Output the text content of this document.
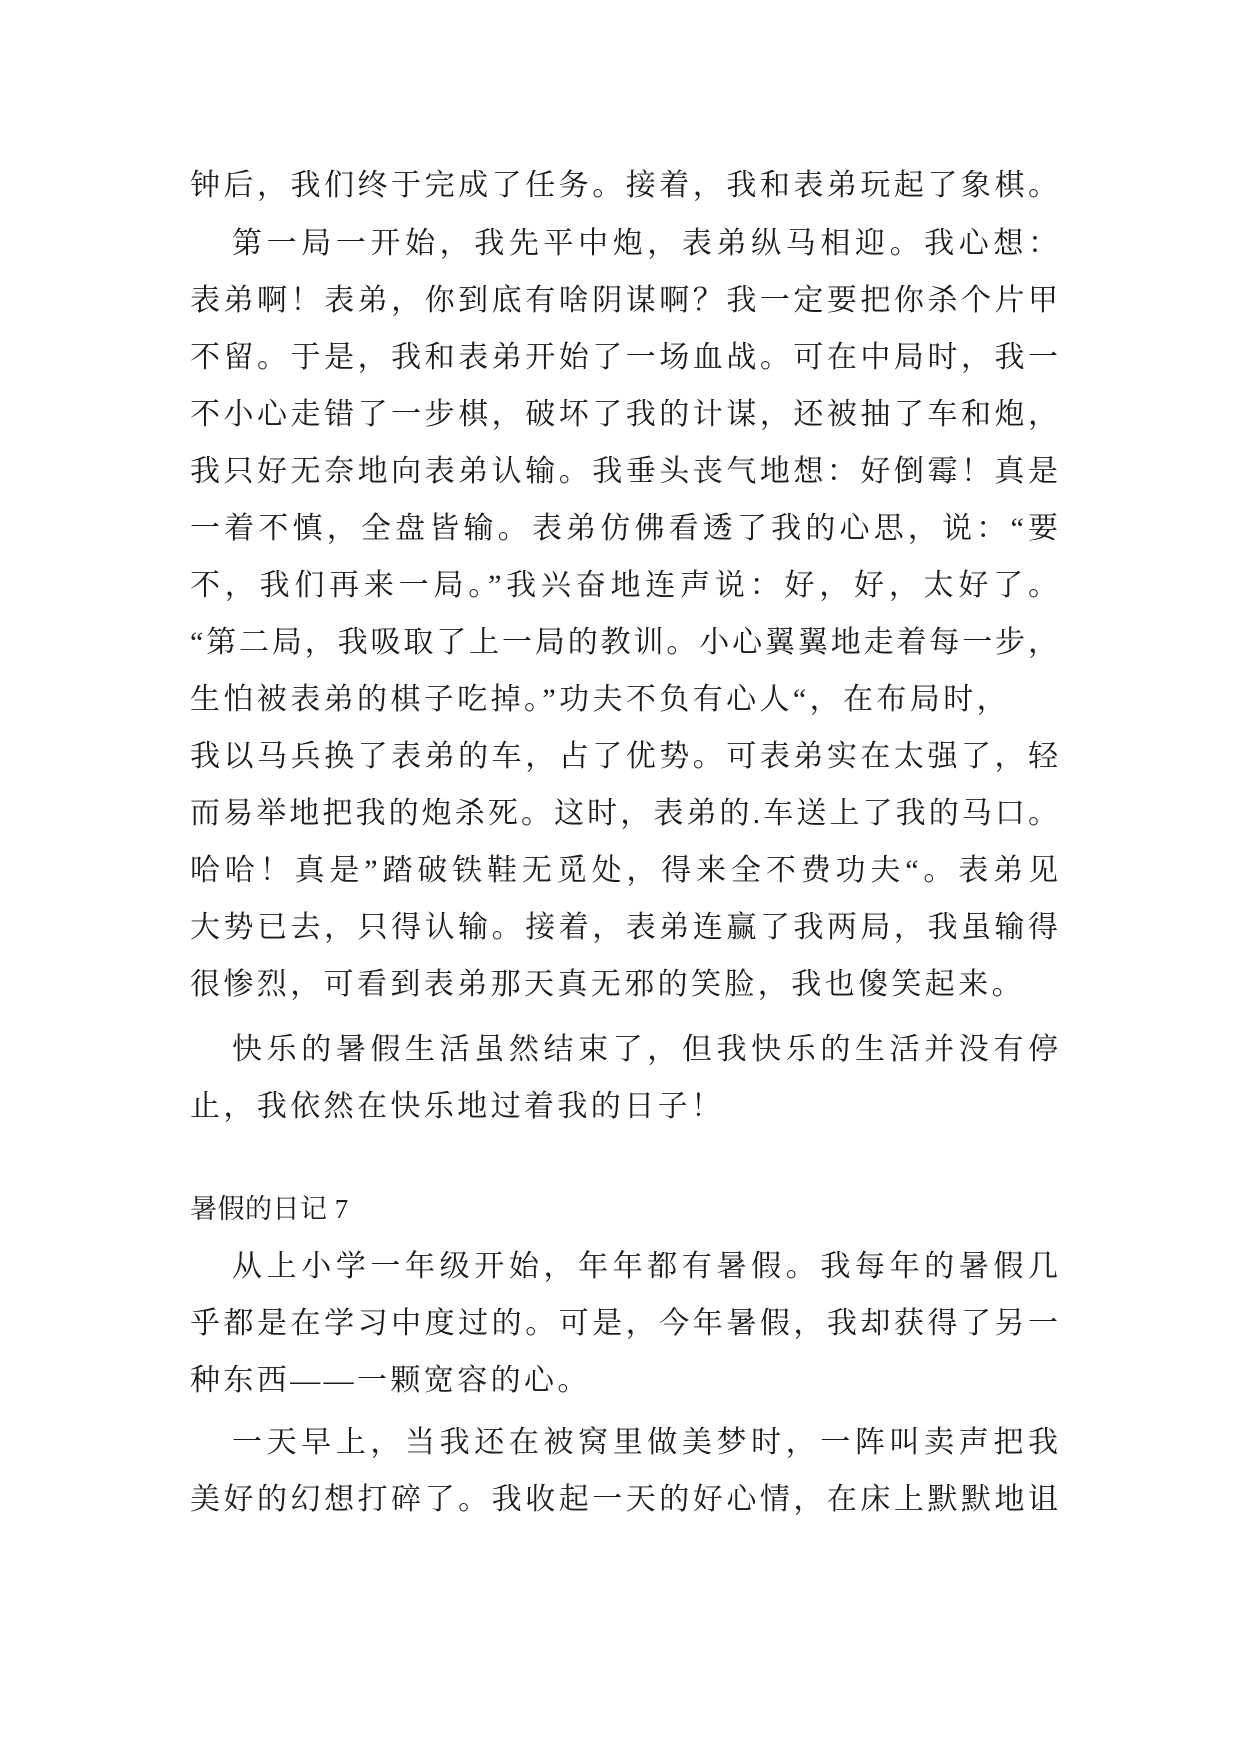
钟后，我们终于完成了任务。接着，我和表弟玩起了象棋。
第一局一开始，我先平中炮，表弟纵马相迎。我心想：
表弟啊！表弟，你到底有啥阴谋啊？我一定要把你杀个片甲
不留。于是，我和表弟开始了一场血战。可在中局时，我一
不小心走错了一步棋，破坏了我的计谋，还被抽了车和炮，
我只好无奈地向表弟认输。我垂头丧气地想：好倒霉！真是
一着不慎，全盘皆输。表弟仿佛看透了我的心思，说：“要
不，我们再来一局。”我兴奋地连声说：好，好，太好了。
“第二局，我吸取了上一局的教训。小心翼翼地走着每一步，
生怕被表弟的棋子吃掉。”功夫不负有心人“，在布局时，
我以马兵换了表弟的车，占了优势。可表弟实在太强了，轻
而易举地把我的炮杀死。这时，表弟的.车送上了我的马口。
哈哈！真是”踏破铁鞋无觅处，得来全不费功夫“。表弟见
大势已去，只得认输。接着，表弟连赢了我两局，我虽输得
很惨烈，可看到表弟那天真无邪的笑脸，我也傻笑起来。
快乐的暑假生活虽然结束了，但我快乐的生活并没有停
止，我依然在快乐地过着我的日子！
暑假的日记 7
从上小学一年级开始，年年都有暑假。我每年的暑假几
乎都是在学习中度过的。可是，今年暑假，我却获得了另一
种东西——一颗宽容的心。
一天早上，当我还在被窝里做美梦时，一阵叫卖声把我
美好的幻想打碎了。我收起一天的好心情，在床上默默地诅
